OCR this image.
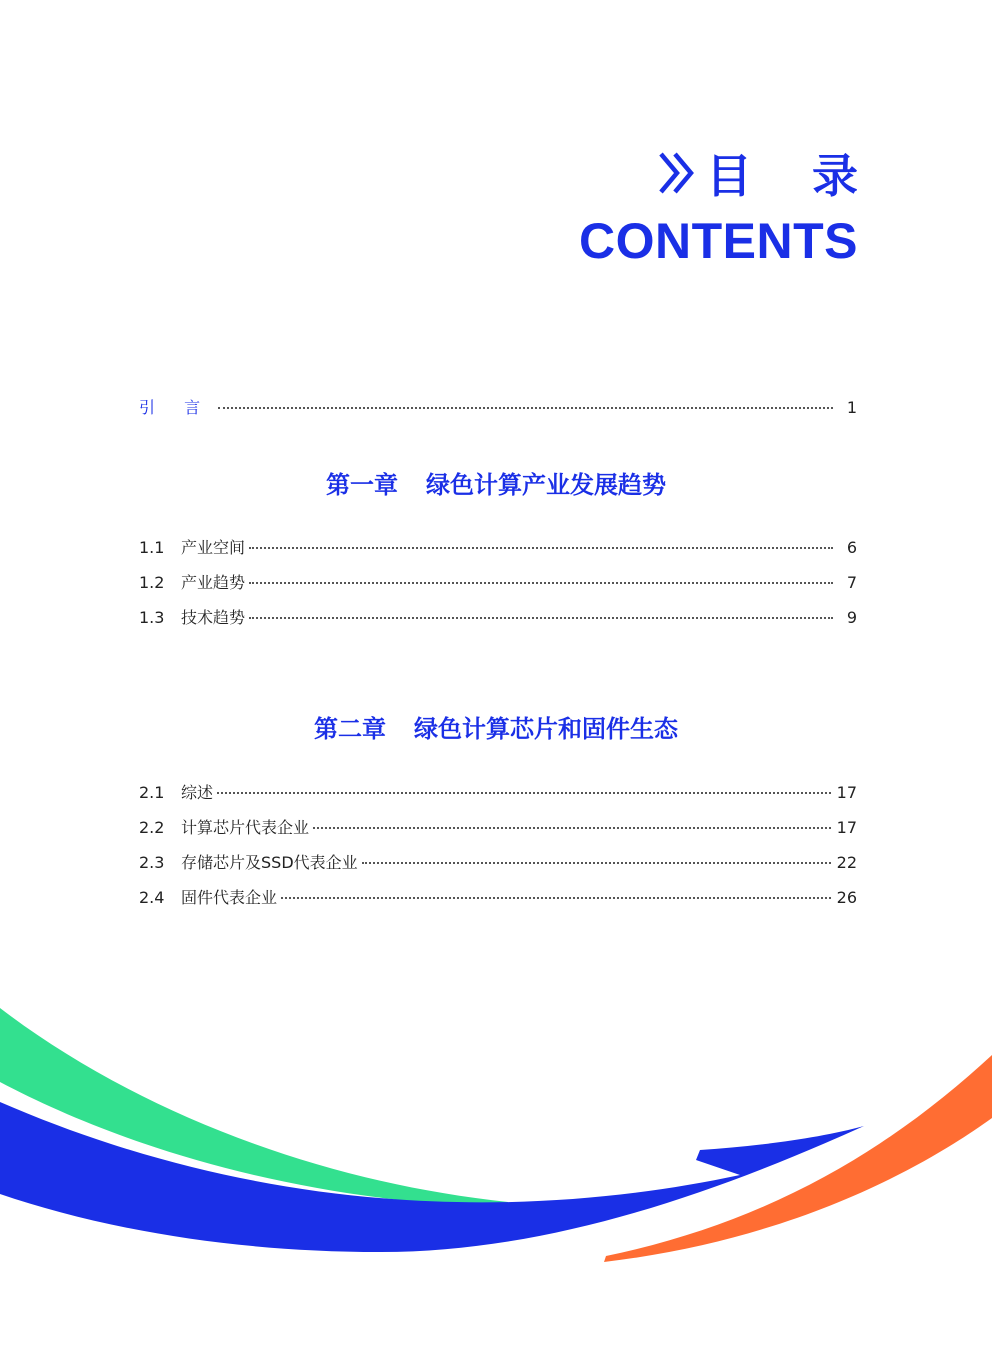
目 录
CONTENTS
引 言	1
第一章 绿色计算产业发展趋势
1.1	产业空间	6
1.2	产业趋势	7
1.3	技术趋势	9
第二章 绿色计算芯片和固件生态
2.1	综述	17
2.2	计算芯片代表企业	17
2.3	存储芯片及SSD代表企业	22
2.4	固件代表企业	26
